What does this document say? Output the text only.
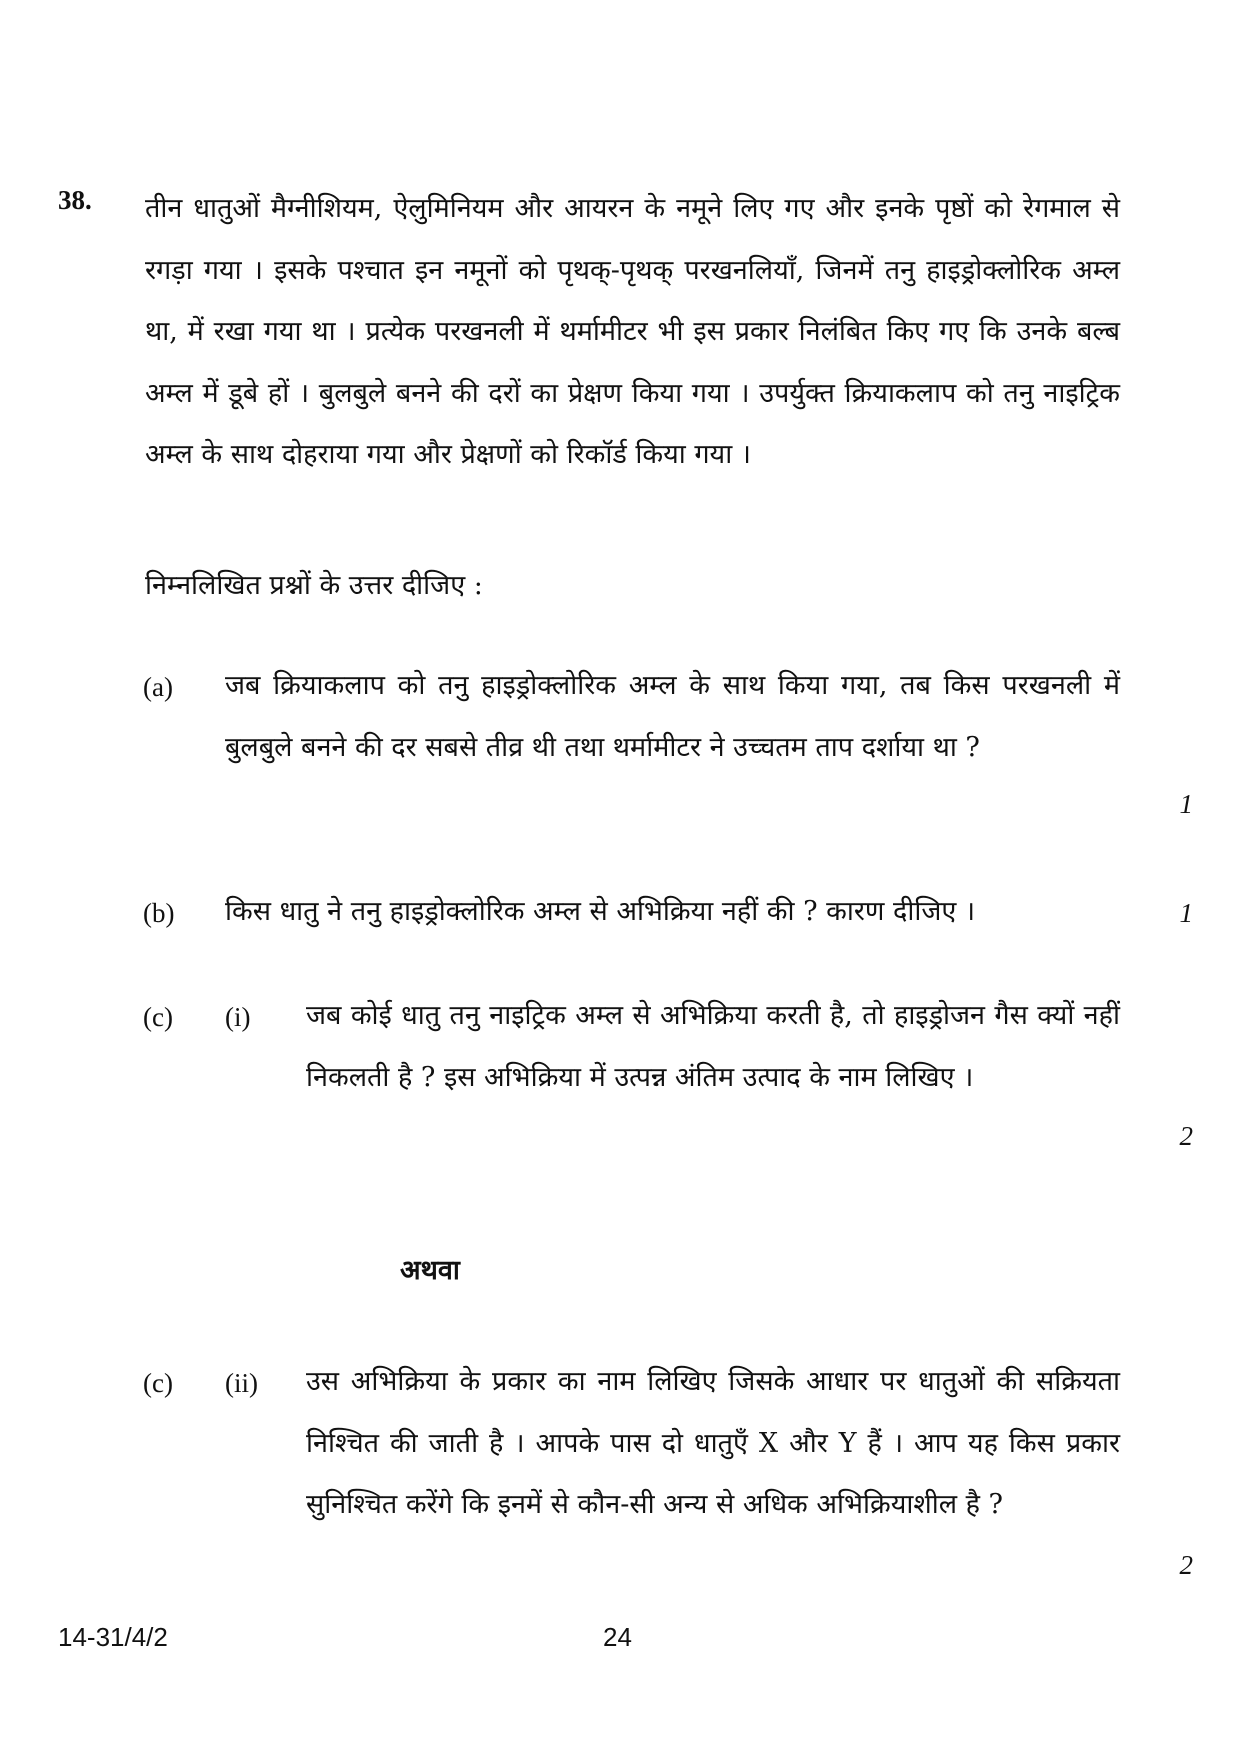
38. तीन धातुओं मैग्नीशियम, ऐलुमिनियम और आयरन के नमूने लिए गए और इनके पृष्ठों को रेगमाल से रगड़ा गया । इसके पश्चात इन नमूनों को पृथक्-पृथक् परखनलियाँ, जिनमें तनु हाइड्रोक्लोरिक अम्ल था, में रखा गया था । प्रत्येक परखनली में थर्मामीटर भी इस प्रकार निलंबित किए गए कि उनके बल्ब अम्ल में डूबे हों । बुलबुले बनने की दरों का प्रेक्षण किया गया । उपर्युक्त क्रियाकलाप को तनु नाइट्रिक अम्ल के साथ दोहराया गया और प्रेक्षणों को रिकॉर्ड किया गया ।
निम्नलिखित प्रश्नों के उत्तर दीजिए :
(a) जब क्रियाकलाप को तनु हाइड्रोक्लोरिक अम्ल के साथ किया गया, तब किस परखनली में बुलबुले बनने की दर सबसे तीव्र थी तथा थर्मामीटर ने उच्चतम ताप दर्शाया था ?
1
(b) किस धातु ने तनु हाइड्रोक्लोरिक अम्ल से अभिक्रिया नहीं की ? कारण दीजिए ।	1
(c) (i) जब कोई धातु तनु नाइट्रिक अम्ल से अभिक्रिया करती है, तो हाइड्रोजन गैस क्यों नहीं निकलती है ? इस अभिक्रिया में उत्पन्न अंतिम उत्पाद के नाम लिखिए ।
2
अथवा
(c) (ii) उस अभिक्रिया के प्रकार का नाम लिखिए जिसके आधार पर धातुओं की सक्रियता निश्चित की जाती है । आपके पास दो धातुएँ X और Y हैं । आप यह किस प्रकार सुनिश्चित करेंगे कि इनमें से कौन-सी अन्य से अधिक अभिक्रियाशील है ?
2
14-31/4/2	24
